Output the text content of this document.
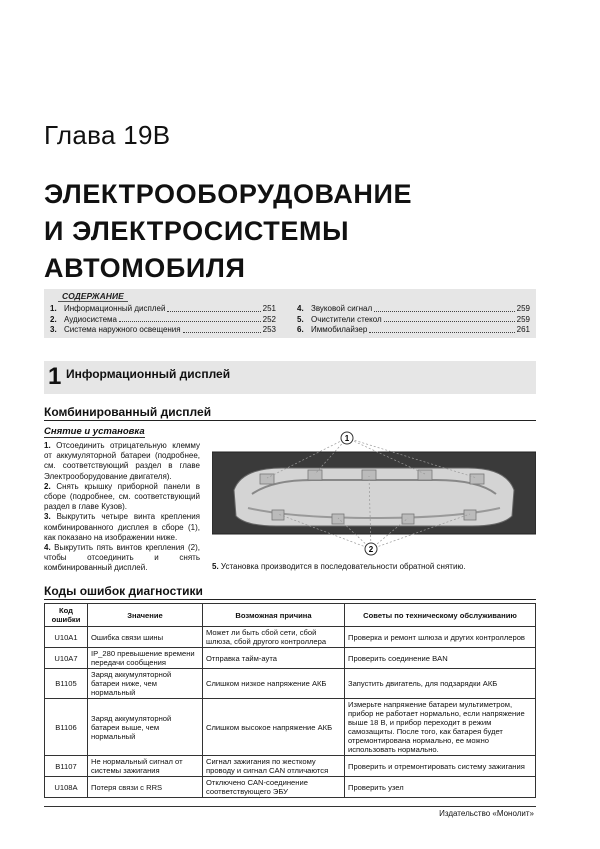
Глава 19B
ЭЛЕКТРООБОРУДОВАНИЕ
И ЭЛЕКТРОСИСТЕМЫ
АВТОМОБИЛЯ
СОДЕРЖАНИЕ
1. Информационный дисплей	251
2. Аудиосистема	252
3. Система наружного освещения	253
4. Звуковой сигнал	259
5. Очистители стекол	259
6. Иммобилайзер	261
1 Информационный дисплей
Комбинированный дисплей
Снятие и установка

1. Отсоединить отрицательную клемму от аккумуляторной батареи (подробнее, см. соответствующий раздел в главе Электрооборудование двигателя).

2. Снять крышку приборной панели в сборе (подробнее, см. соответствующий раздел в главе Кузов).

3. Выкрутить четыре винта крепления комбинированного дисплея в сборе (1), как показано на изображении ниже.

4. Выкрутить пять винтов крепления (2), чтобы отсоединить и снять комбинированный дисплей.

1
2
5. Установка производится в последовательности обратной снятию.
Коды ошибок диагностики
Код ошибки	Значение	Возможная причина	Советы по техническому обслуживанию
U10A1	Ошибка связи шины	Может ли быть сбой сети, сбой шлюза, сбой другого контроллера	Проверка и ремонт шлюза и других контроллеров
U10A7	IP_280 превышение времени передачи сообщения	Отправка тайм-аута	Проверить соединение BAN
B1105	Заряд аккумуляторной батареи ниже, чем нормальный	Слишком низкое напряжение АКБ	Запустить двигатель, для подзарядки АКБ
B1106	Заряд аккумуляторной батареи выше, чем нормальный	Слишком высокое напряжение АКБ	Измерьте напряжение батареи мультиметром, прибор не работает нормально, если напряжение выше 18 В, и прибор переходит в режим самозащиты. После того, как батарея будет отремонтирована нормально, ее можно использовать нормально.
B1107	Не нормальный сигнал от системы зажигания	Сигнал зажигания по жесткому проводу и сигнал CAN отличаются	Проверить и отремонтировать систему зажигания
U108A	Потеря связи с RRS	Отключено CAN-соединение соответствующего ЭБУ	Проверить узел
Издательство «Монолит»
